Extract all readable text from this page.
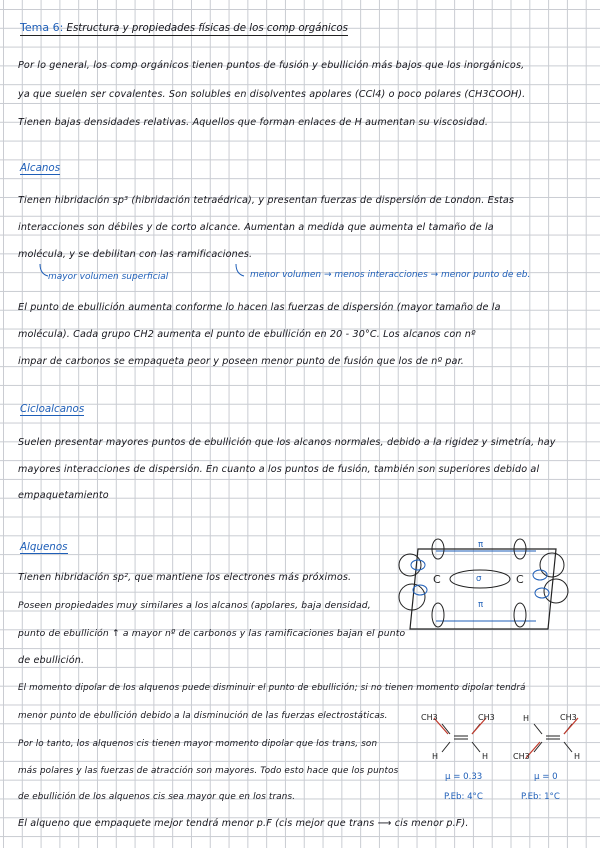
Tema 6: Estructura y propiedades físicas de los comp orgánicos
Por lo general, los comp orgánicos tienen puntos de fusión y ebullición más bajos que los inorgánicos,
ya que suelen ser covalentes. Son solubles en disolventes apolares (CCl4) o poco polares (CH3COOH).
Tienen bajas densidades relativas. Aquellos que forman enlaces de H aumentan su viscosidad.
Alcanos
Tienen hibridación sp³ (hibridación tetraédrica), y presentan fuerzas de dispersión de London. Estas
interacciones son débiles y de corto alcance. Aumentan a medida que aumenta el tamaño de la
molécula, y se debilitan con las ramificaciones.
mayor volumen superficial	menor volumen → menos interacciones → menor punto de eb.
El punto de ebullición aumenta conforme lo hacen las fuerzas de dispersión (mayor tamaño de la
molécula). Cada grupo CH2 aumenta el punto de ebullición en 20 - 30°C. Los alcanos con nº
impar de carbonos se empaqueta peor y poseen menor punto de fusión que los de nº par.
Cicloalcanos
Suelen presentar mayores puntos de ebullición que los alcanos normales, debido a la rigidez y simetría, hay
mayores interacciones de dispersión. En cuanto a los puntos de fusión, también son superiores debido al
empaquetamiento
Alquenos
Tienen hibridación sp², que mantiene los electrones más próximos.
Poseen propiedades muy similares a los alcanos (apolares, baja densidad,
punto de ebullición ↑ a mayor nº de carbonos y las ramificaciones bajan el punto
de ebullición.
El momento dipolar de los alquenos puede disminuir el punto de ebullición; si no tienen momento dipolar tendrá
menor punto de ebullición debido a la disminución de las fuerzas electrostáticas.
Por lo tanto, los alquenos cis tienen mayor momento dipolar que los trans, son
más polares y las fuerzas de atracción son mayores. Todo esto hace que los puntos
de ebullición de los alquenos cis sea mayor que en los trans.
El alqueno que empaquete mejor tendrá menor p.F (cis mejor que trans ⟶ cis menor p.F).
π
π
σ
C	C
CH3	CH3
H	H
μ = 0.33
P.Eb: 4°C
H	CH3
CH3	H
μ = 0
P.Eb: 1°C
